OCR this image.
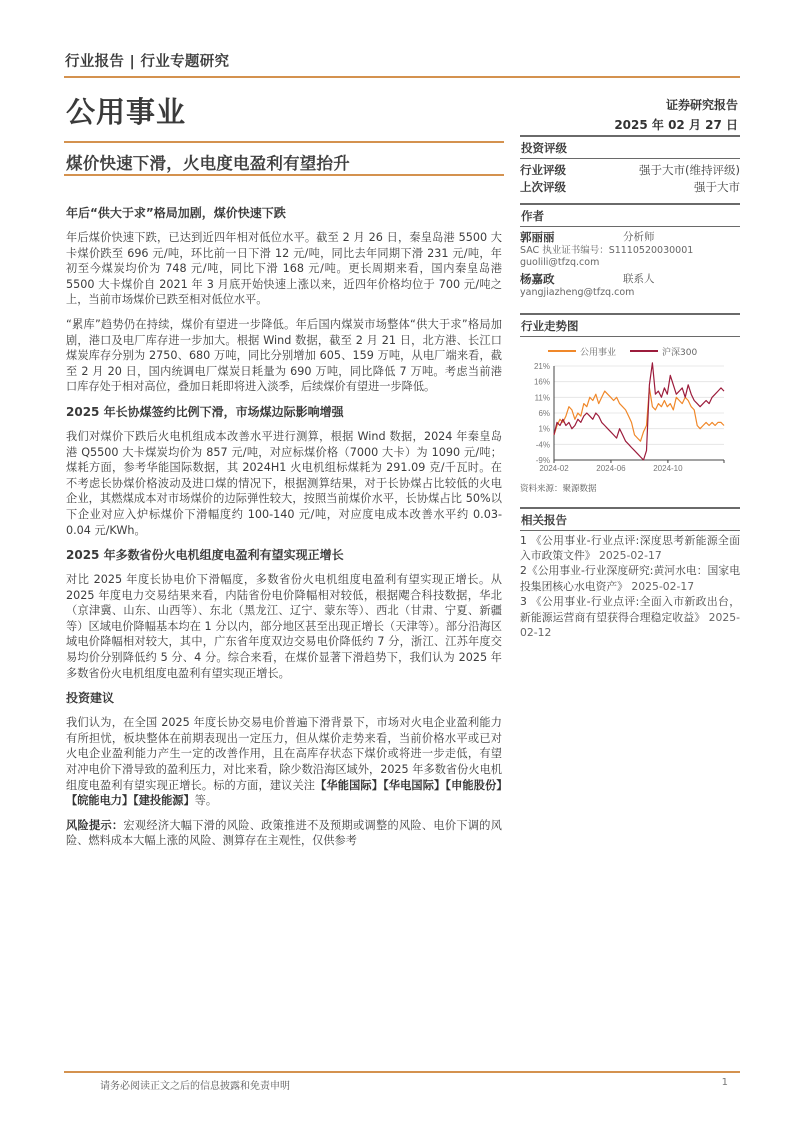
行业报告 | 行业专题研究
公用事业	证券研究报告
2025 年 02 月 27 日
煤价快速下滑，火电度电盈利有望抬升
年后“供大于求”格局加剧，煤价快速下跌

年后煤价快速下跌，已达到近四年相对低位水平。截至 2 月 26 日，秦皇岛港 5500 大卡煤价跌至 696 元/吨，环比前一日下滑 12 元/吨，同比去年同期下滑 231 元/吨，年初至今煤炭均价为 748 元/吨，同比下滑 168 元/吨。更长周期来看，国内秦皇岛港 5500 大卡煤价自 2021 年 3 月底开始快速上涨以来，近四年价格均位于 700 元/吨之上，当前市场煤价已跌至相对低位水平。

“累库”趋势仍在持续，煤价有望进一步降低。年后国内煤炭市场整体“供大于求”格局加剧，港口及电厂库存进一步加大。根据 Wind 数据，截至 2 月 21 日，北方港、长江口煤炭库存分别为 2750、680 万吨，同比分别增加 605、159 万吨，从电厂端来看，截至 2 月 20 日，国内统调电厂煤炭日耗量为 690 万吨，同比降低 7 万吨。考虑当前港口库存处于相对高位，叠加日耗即将进入淡季，后续煤价有望进一步降低。

2025 年长协煤签约比例下滑，市场煤边际影响增强

我们对煤价下跌后火电机组成本改善水平进行测算，根据 Wind 数据，2024 年秦皇岛港 Q5500 大卡煤炭均价为 857 元/吨，对应标煤价格（7000 大卡）为 1090 元/吨；煤耗方面，参考华能国际数据，其 2024H1 火电机组标煤耗为 291.09 克/千瓦时。在不考虑长协煤价格波动及进口煤的情况下，根据测算结果，对于长协煤占比较低的火电企业，其燃煤成本对市场煤价的边际弹性较大，按照当前煤价水平，长协煤占比 50%以下企业对应入炉标煤价下滑幅度约 100-140 元/吨，对应度电成本改善水平约 0.03-0.04 元/KWh。

2025 年多数省份火电机组度电盈利有望实现正增长

对比 2025 年度长协电价下滑幅度，多数省份火电机组度电盈利有望实现正增长。从 2025 年度电力交易结果来看，内陆省份电价降幅相对较低，根据飔合科技数据，华北（京津冀、山东、山西等）、东北（黑龙江、辽宁、蒙东等）、西北（甘肃、宁夏、新疆等）区域电价降幅基本均在 1 分以内，部分地区甚至出现正增长（天津等）。部分沿海区域电价降幅相对较大，其中，广东省年度双边交易电价降低约 7 分，浙江、江苏年度交易均价分别降低约 5 分、4 分。综合来看，在煤价显著下滑趋势下，我们认为 2025 年多数省份火电机组度电盈利有望实现正增长。

投资建议

我们认为，在全国 2025 年度长协交易电价普遍下滑背景下，市场对火电企业盈利能力有所担忧，板块整体在前期表现出一定压力，但从煤价走势来看，当前价格水平或已对火电企业盈利能力产生一定的改善作用，且在高库存状态下煤价或将进一步走低，有望对冲电价下滑导致的盈利压力，对比来看，除少数沿海区域外，2025 年多数省份火电机组度电盈利有望实现正增长。标的方面，建议关注【华能国际】【华电国际】【申能股份】【皖能电力】【建投能源】等。

风险提示：宏观经济大幅下滑的风险、政策推进不及预期或调整的风险、电价下调的风险、燃料成本大幅上涨的风险、测算存在主观性，仅供参考

投资评级
行业评级	强于大市(维持评级)
上次评级	强于大市
作者
郭丽丽	分析师
SAC 执业证书编号：S1110520030001
guolili@tfzq.com
杨嘉政	联系人
yangjiazheng@tfzq.com
行业走势图
公用事业	沪深300
21%
16%
11%
6%
1%
-4%
-9%
2024-02	2024-06	2024-10
资料来源：聚源数据
相关报告
1 《公用事业-行业点评:深度思考新能源全面入市政策文件》 2025-02-17
2《公用事业-行业深度研究:黄河水电：国家电投集团核心水电资产》 2025-02-17
3 《公用事业-行业点评:全面入市新政出台，新能源运营商有望获得合理稳定收益》 2025-02-12
请务必阅读正文之后的信息披露和免责申明	1
